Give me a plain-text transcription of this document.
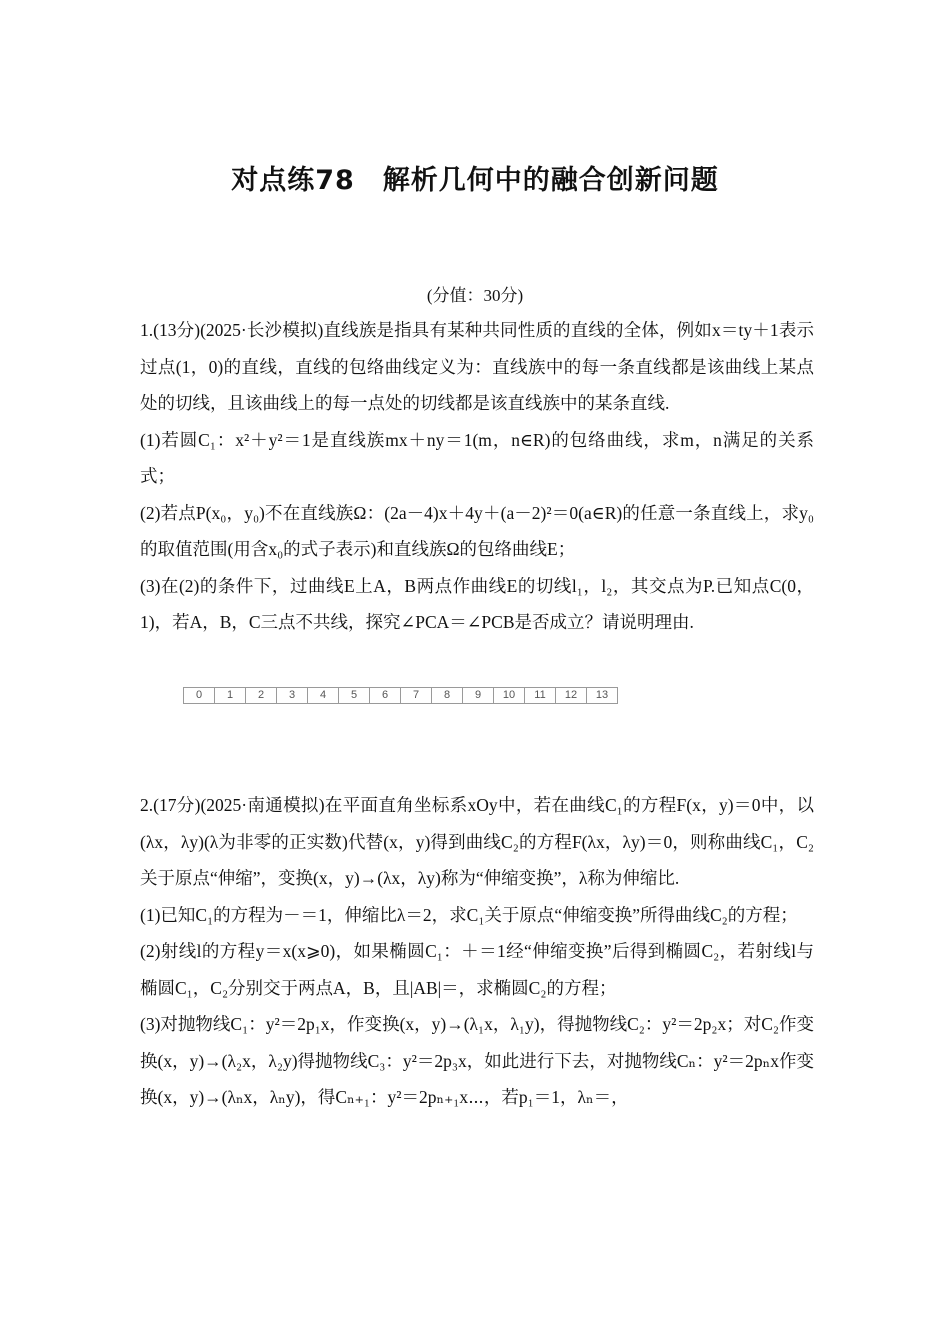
对点练78　解析几何中的融合创新问题
(分值：30分)

1.(13分)(2025·长沙模拟)直线族是指具有某种共同性质的直线的全体，例如x＝ty＋1表示过点(1，0)的直线，直线的包络曲线定义为：直线族中的每一条直线都是该曲线上某点处的切线，且该曲线上的每一点处的切线都是该直线族中的某条直线.

(1)若圆C₁：x²＋y²＝1是直线族mx＋ny＝1(m，n∈R)的包络曲线，求m，n满足的关系式；

(2)若点P(x₀，y₀)不在直线族Ω：(2a－4)x＋4y＋(a－2)²＝0(a∈R)的任意一条直线上，求y₀的取值范围(用含x₀的式子表示)和直线族Ω的包络曲线E；

(3)在(2)的条件下，过曲线E上A，B两点作曲线E的切线l₁，l₂，其交点为P.已知点C(0，1)，若A，B，C三点不共线，探究∠PCA＝∠PCB是否成立？请说明理由.

0	1	2	3	4	5	6	7	8	9	10	11	12	13

2.(17分)(2025·南通模拟)在平面直角坐标系xOy中，若在曲线C₁的方程F(x，y)＝0中，以(λx，λy)(λ为非零的正实数)代替(x，y)得到曲线C₂的方程F(λx，λy)＝0，则称曲线C₁，C₂关于原点“伸缩”，变换(x，y)→(λx，λy)称为“伸缩变换”，λ称为伸缩比.

(1)已知C₁的方程为－＝1，伸缩比λ＝2，求C₁关于原点“伸缩变换”所得曲线C₂的方程；

(2)射线l的方程y＝x(x⩾0)，如果椭圆C₁：＋＝1经“伸缩变换”后得到椭圆C₂，若射线l与椭圆C₁，C₂分别交于两点A，B，且|AB|＝，求椭圆C₂的方程；

(3)对抛物线C₁：y²＝2p₁x，作变换(x，y)→(λ₁x，λ₁y)，得抛物线C₂：y²＝2p₂x；对C₂作变换(x，y)→(λ₂x，λ₂y)得抛物线C₃：y²＝2p₃x，如此进行下去，对抛物线Cₙ：y²＝2pₙx作变换(x，y)→(λₙx，λₙy)，得Cₙ₊₁：y²＝2pₙ₊₁x⋯，若p₁＝1，λₙ＝，
